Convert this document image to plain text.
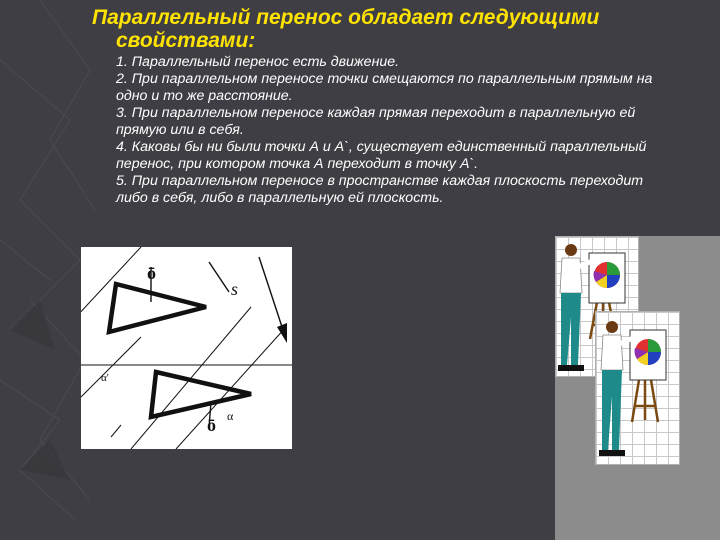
Параллельный перенос обладает следующими
свойствами:

1. Параллельный перенос есть движение.

2. При параллельном переносе точки смещаются по параллельным прямым на одно и то же расстояние.

3. При параллельном переносе каждая прямая переходит в параллельную ей прямую или в себя.

4. Каковы бы ни были точки А и А`, существует единственный параллельный перенос, при котором точка А переходит в точку А`.

5. При параллельном переносе в пространстве каждая плоскость переходит либо в себя, либо в параллельную ей плоскость.

ō
s
α'
α
ō
